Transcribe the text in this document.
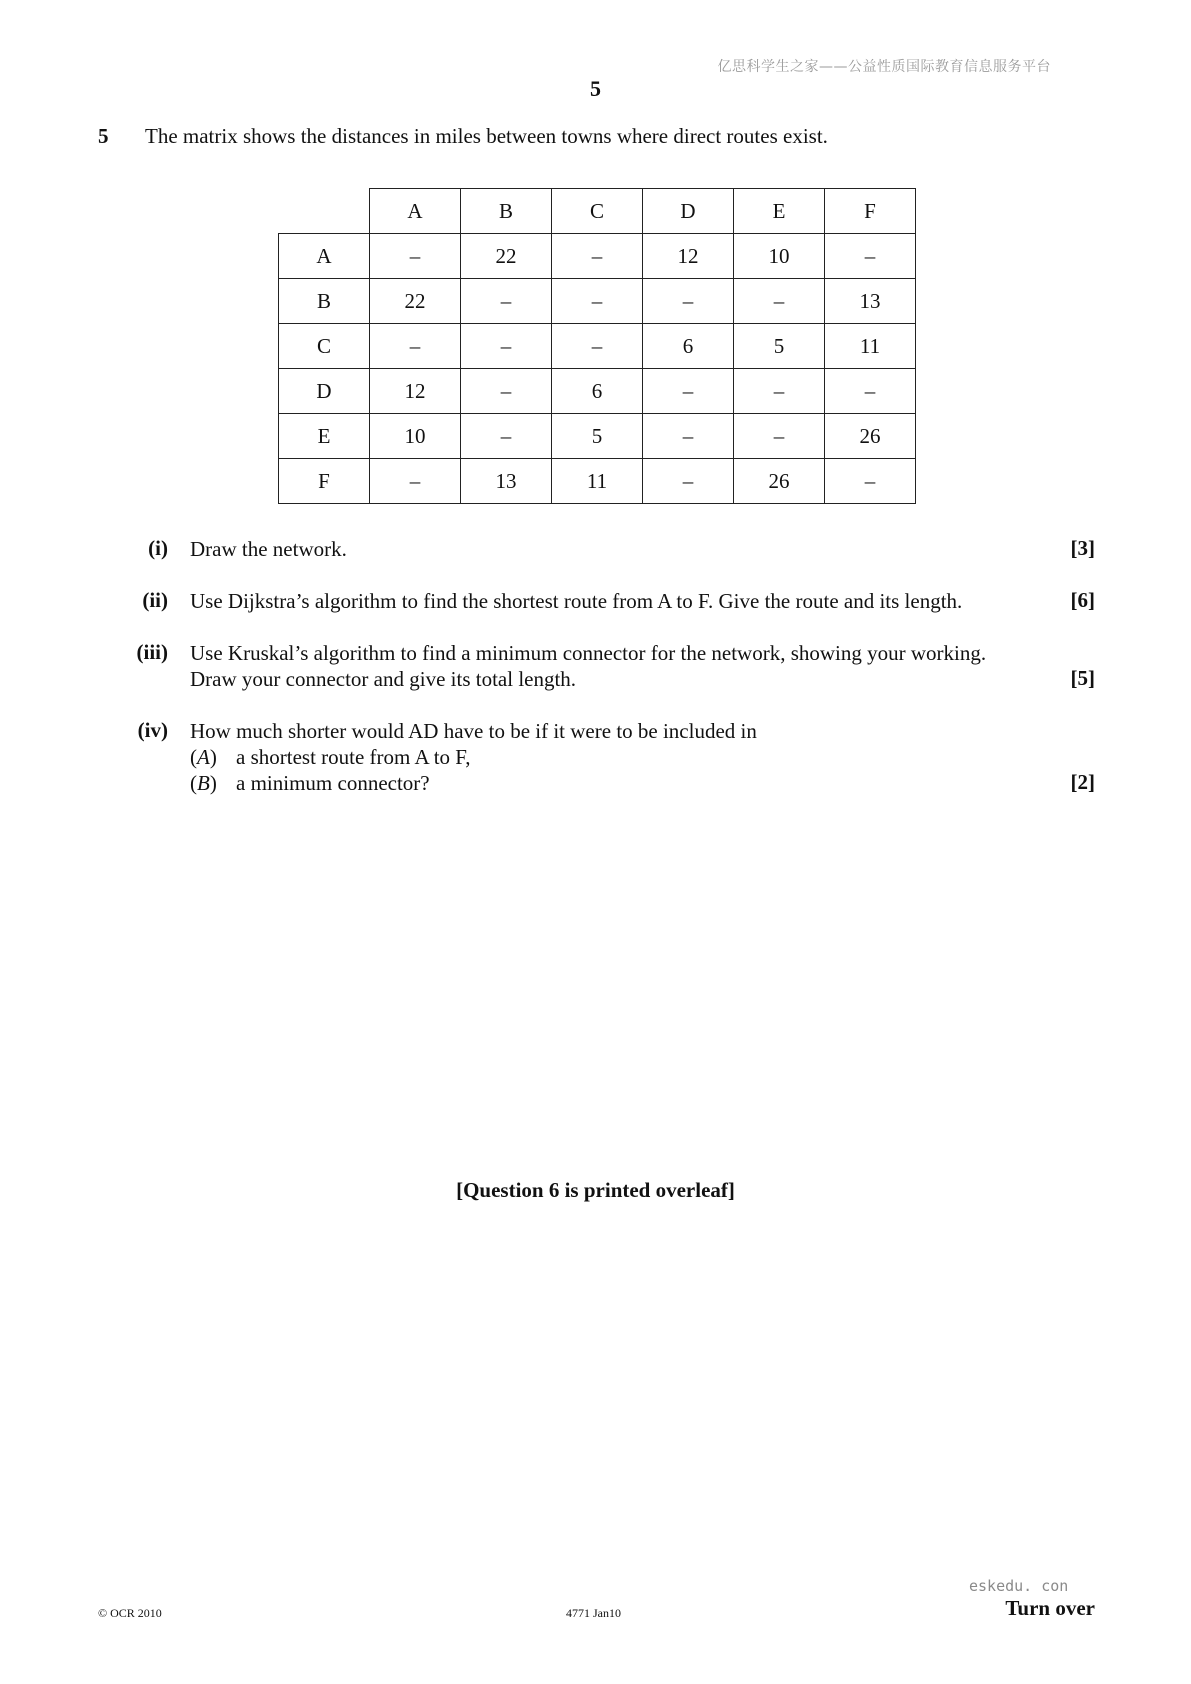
亿思科学生之家——公益性质国际教育信息服务平台
5
5 The matrix shows the distances in miles between towns where direct routes exist.
	A	B	C	D	E	F
A	–	22	–	12	10	–
B	22	–	–	–	–	13
C	–	–	–	6	5	11
D	12	–	6	–	–	–
E	10	–	5	–	–	26
F	–	13	11	–	26	–
(i) Draw the network.	[3]
(ii) Use Dijkstra’s algorithm to find the shortest route from A to F. Give the route and its length.	[6]
(iii) Use Kruskal’s algorithm to find a minimum connector for the network, showing your working.
Draw your connector and give its total length.	[5]
(iv) How much shorter would AD have to be if it were to be included in
(A) a shortest route from A to F,
(B) a minimum connector?	[2]
[Question 6 is printed overleaf]
eskedu. con
© OCR 2010	4771 Jan10	Turn over
